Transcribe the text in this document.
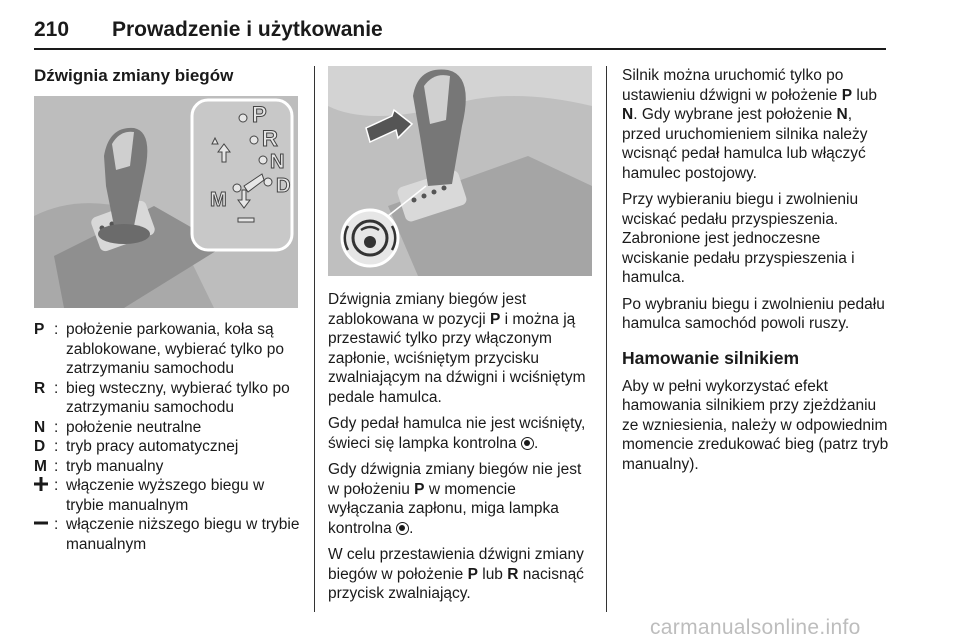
210	Prowadzenie i użytkowanie
Dźwignia zmiany biegów
P
R
N
D
M
P : położenie parkowania, koła są zablokowane, wybierać tylko po zatrzymaniu samochodu
R : bieg wsteczny, wybierać tylko po zatrzymaniu samochodu
N : położenie neutralne
D : tryb pracy automatycznej
M : tryb manualny
: włączenie wyższego biegu w trybie manualnym
: włączenie niższego biegu w trybie manualnym

Dźwignia zmiany biegów jest zablokowana w pozycji P i można ją przestawić tylko przy włączonym zapłonie, wciśniętym przycisku zwalniającym na dźwigni i wciśniętym pedale hamulca.

Gdy pedał hamulca nie jest wciśnięty, świeci się lampka kontrolna .

Gdy dźwignia zmiany biegów nie jest w położeniu P w momencie wyłączania zapłonu, miga lampka kontrolna .

W celu przestawienia dźwigni zmiany biegów w położenie P lub R nacisnąć przycisk zwalniający.

Silnik można uruchomić tylko po ustawieniu dźwigni w położenie P lub N. Gdy wybrane jest położenie N, przed uruchomieniem silnika należy wcisnąć pedał hamulca lub włączyć hamulec postojowy.

Przy wybieraniu biegu i zwolnieniu wciskać pedału przyspieszenia. Zabronione jest jednoczesne wciskanie pedału przyspieszenia i hamulca.

Po wybraniu biegu i zwolnieniu pedału hamulca samochód powoli ruszy.

Hamowanie silnikiem

Aby w pełni wykorzystać efekt hamowania silnikiem przy zjeżdżaniu ze wzniesienia, należy w odpowiednim momencie zredukować bieg (patrz tryb manualny).

carmanualsonline.info
